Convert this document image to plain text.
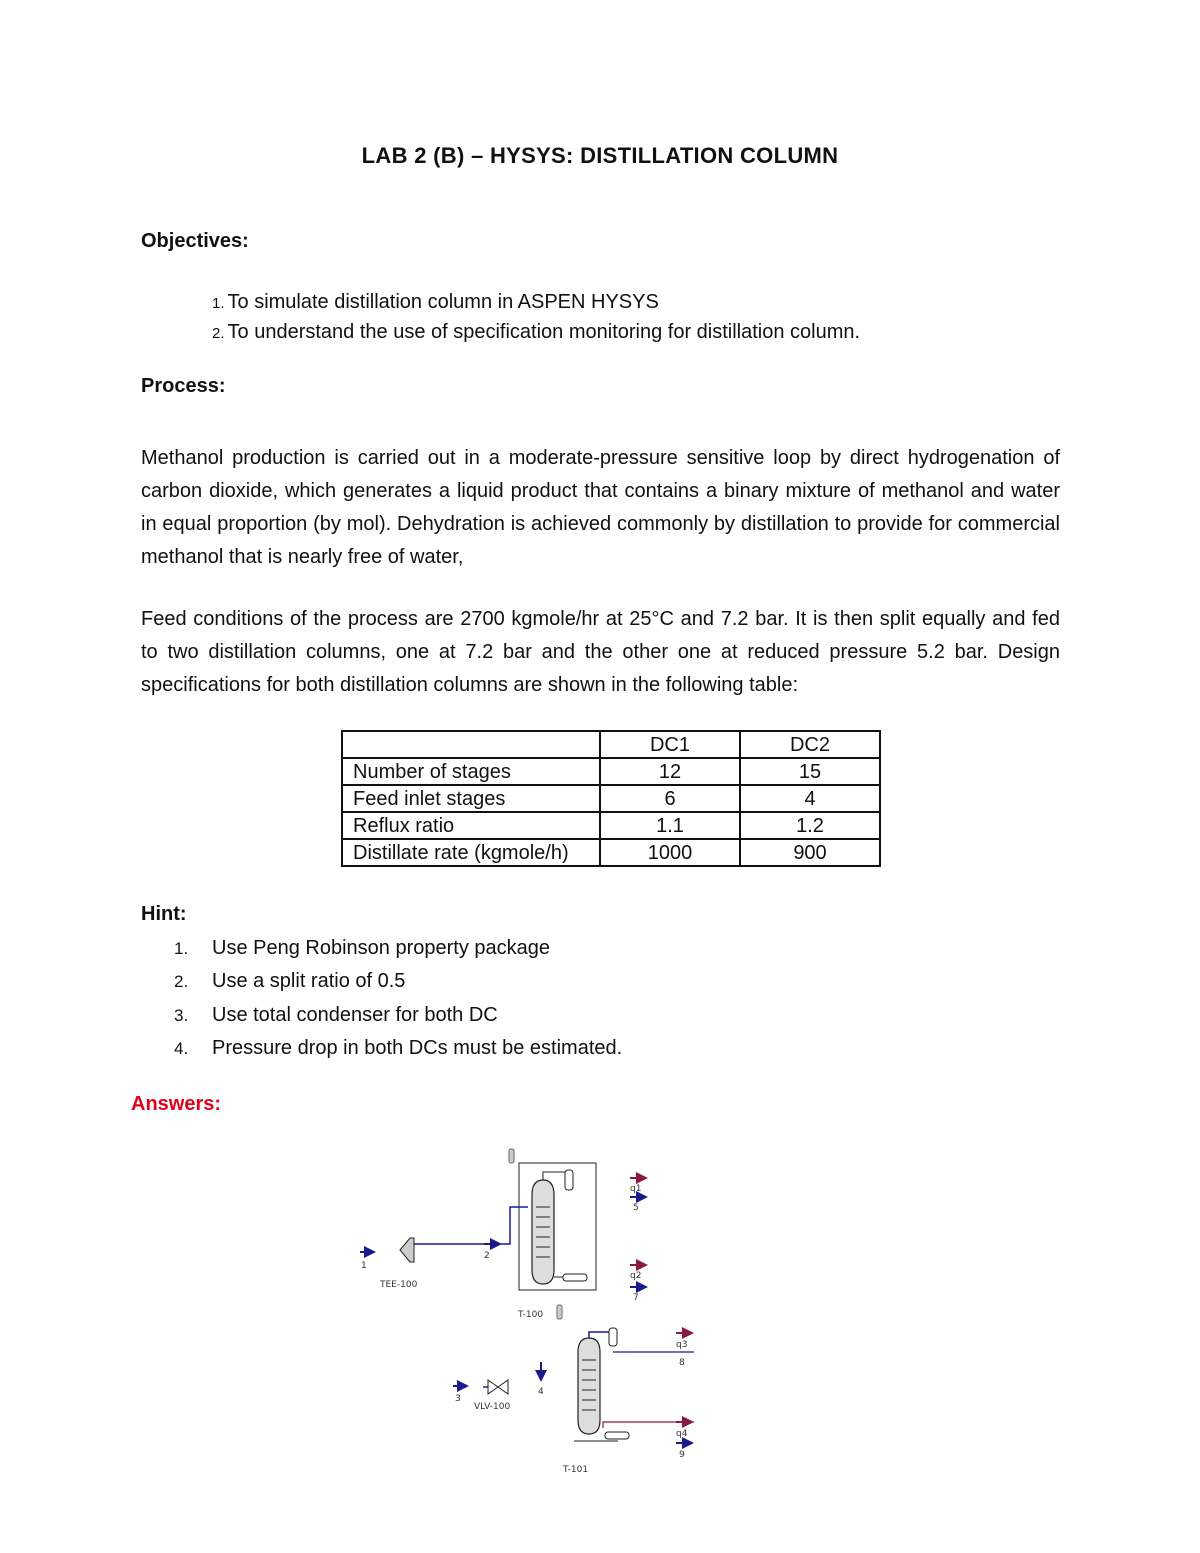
LAB 2 (B) – HYSYS: DISTILLATION COLUMN
Objectives:
1. To simulate distillation column in ASPEN HYSYS
2. To understand the use of specification monitoring for distillation column.
Process:
Methanol production is carried out in a moderate-pressure sensitive loop by direct hydrogenation of carbon dioxide, which generates a liquid product that contains a binary mixture of methanol and water in equal proportion (by mol). Dehydration is achieved commonly by distillation to provide for commercial methanol that is nearly free of water,
Feed conditions of the process are 2700 kgmole/hr at 25°C and 7.2 bar. It is then split equally and fed to two distillation columns, one at 7.2 bar and the other one at reduced pressure 5.2 bar. Design specifications for both distillation columns are shown in the following table:
	DC1	DC2
Number of stages	12	15
Feed inlet stages	6	4
Reflux ratio	1.1	1.2
Distillate rate (kgmole/h)	1000	900
Hint:
1. Use Peng Robinson property package
2. Use a split ratio of 0.5
3. Use total condenser for both DC
4. Pressure drop in both DCs must be estimated.
Answers:
T-100
1
TEE-100
2
q1
5
q2
7
T-101
3
VLV-100
4
q3
8
q4
9
